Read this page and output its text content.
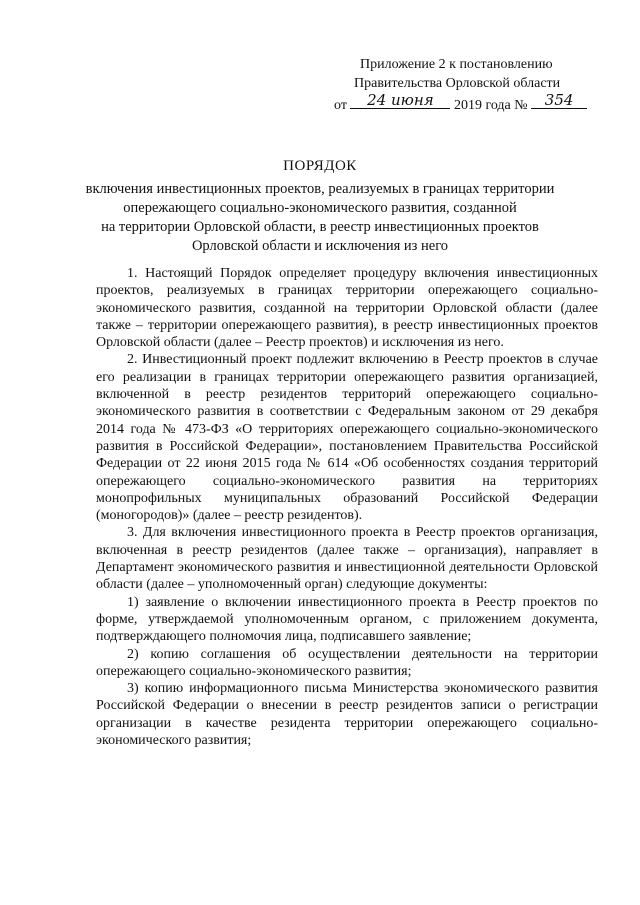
Приложение 2 к постановлению
Правительства Орловской области
от	24 июня	2019 года №	354
ПОРЯДОК
включения инвестиционных проектов, реализуемых в границах территории
опережающего социально-экономического развития, созданной
на территории Орловской области, в реестр инвестиционных проектов
Орловской области и исключения из него

1. Настоящий Порядок определяет процедуру включения инвестиционных проектов, реализуемых в границах территории опережающего социально-экономического развития, созданной на территории Орловской области (далее также – территории опережающего развития), в реестр инвестиционных проектов Орловской области (далее – Реестр проектов) и исключения из него.

2. Инвестиционный проект подлежит включению в Реестр проектов в случае его реализации в границах территории опережающего развития организацией, включенной в реестр резидентов территорий опережающего социально-экономического развития в соответствии с Федеральным законом от 29 декабря 2014 года № 473-ФЗ «О территориях опережающего социально-экономического развития в Российской Федерации», постановлением Правительства Российской Федерации от 22 июня 2015 года № 614 «Об особенностях создания территорий опережающего социально-экономического развития на территориях монопрофильных муниципальных образований Российской Федерации (моногородов)» (далее – реестр резидентов).

3. Для включения инвестиционного проекта в Реестр проектов организация, включенная в реестр резидентов (далее также – организация), направляет в Департамент экономического развития и инвестиционной деятельности Орловской области (далее – уполномоченный орган) следующие документы:

1) заявление о включении инвестиционного проекта в Реестр проектов по форме, утверждаемой уполномоченным органом, с приложением документа, подтверждающего полномочия лица, подписавшего заявление;

2) копию соглашения об осуществлении деятельности на территории опережающего социально-экономического развития;

3) копию информационного письма Министерства экономического развития Российской Федерации о внесении в реестр резидентов записи о регистрации организации в качестве резидента территории опережающего социально-экономического развития;
